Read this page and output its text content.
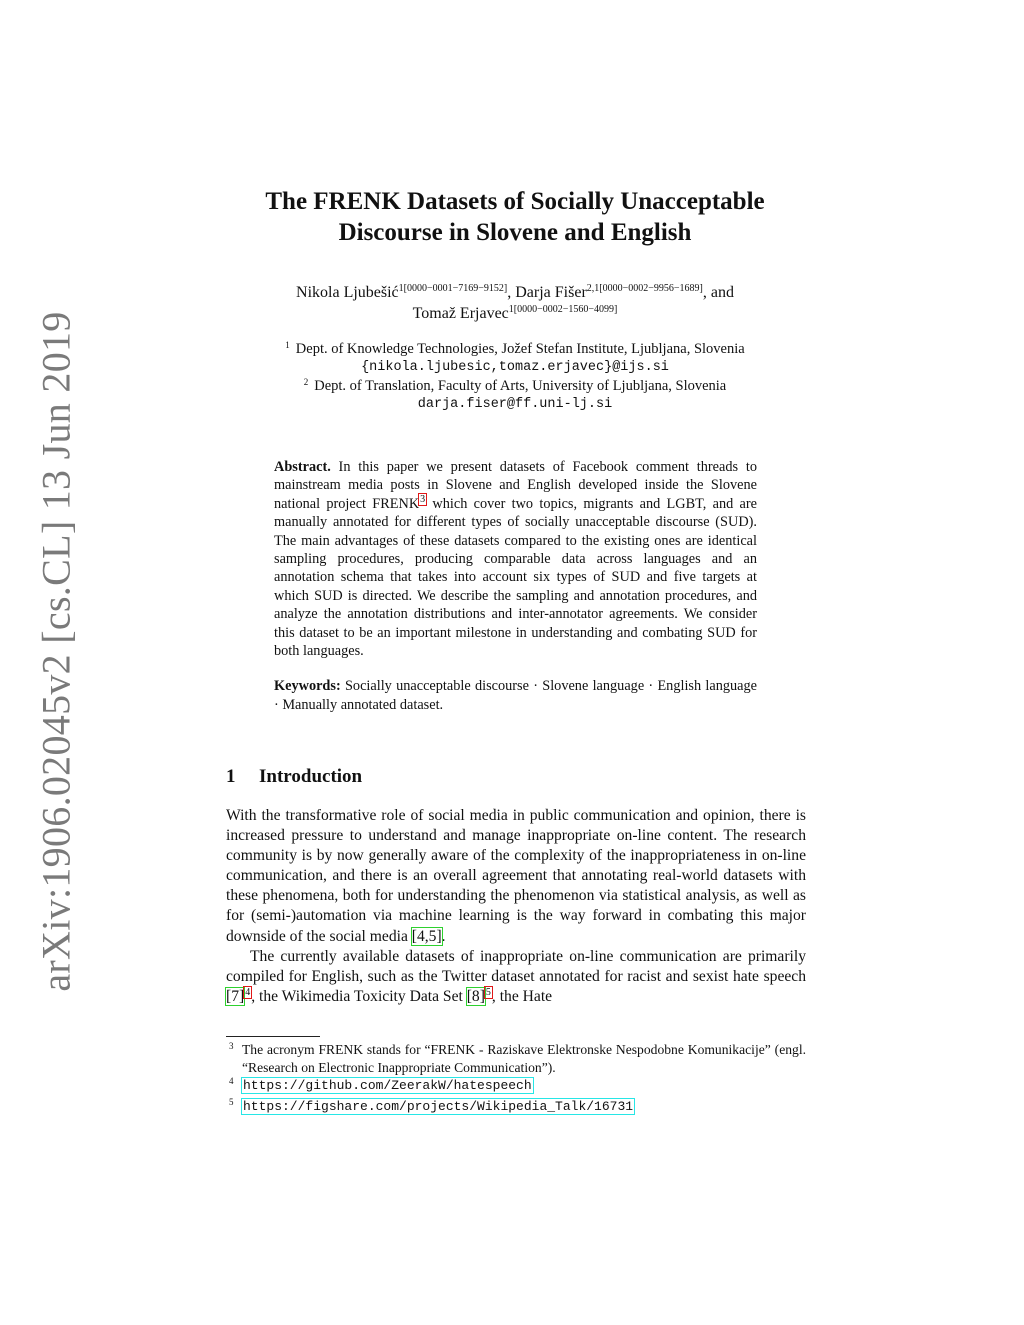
arXiv:1906.02045v2 [cs.CL] 13 Jun 2019
The FRENK Datasets of Socially Unacceptable
Discourse in Slovene and English
Nikola Ljubešić$^{1[0000-0001-7169-9152]}$, Darja Fišer$^{2,1[0000-0002-9956-1689]}$, and
Tomaž Erjavec$^{1[0000-0002-1560-4099]}$
$^1$ Dept. of Knowledge Technologies, Jožef Stefan Institute, Ljubljana, Slovenia
{nikola.ljubesic,tomaz.erjavec}@ijs.si
$^2$ Dept. of Translation, Faculty of Arts, University of Ljubljana, Slovenia
darja.fiser@ff.uni-lj.si

Abstract. In this paper we present datasets of Facebook comment threads to mainstream media posts in Slovene and English developed inside the Slovene national project FRENK$^3$ which cover two topics, migrants and LGBT, and are manually annotated for different types of socially unacceptable discourse (SUD). The main advantages of these datasets compared to the existing ones are identical sampling procedures, producing comparable data across languages and an annotation schema that takes into account six types of SUD and five targets at which SUD is directed. We describe the sampling and annotation procedures, and analyze the annotation distributions and inter-annotator agreements. We consider this dataset to be an important milestone in understanding and combating SUD for both languages.

Keywords: Socially unacceptable discourse · Slovene language · English language · Manually annotated dataset.

1 Introduction

With the transformative role of social media in public communication and opinion, there is increased pressure to understand and manage inappropriate on-line content. The research community is by now generally aware of the complexity of the inappropriateness in on-line communication, and there is an overall agreement that annotating real-world datasets with these phenomena, both for understanding the phenomenon via statistical analysis, as well as for (semi-)automation via machine learning is the way forward in combating this major downside of the social media [4,5].

The currently available datasets of inappropriate on-line communication are primarily compiled for English, such as the Twitter dataset annotated for racist and sexist hate speech [7]$^4$, the Wikimedia Toxicity Data Set [8]$^5$, the Hate

3 The acronym FRENK stands for “FRENK - Raziskave Elektronske Nespodobne Komunikacije” (engl. “Research on Electronic Inappropriate Communication”).
4 https://github.com/ZeerakW/hatespeech
5 https://figshare.com/projects/Wikipedia_Talk/16731
